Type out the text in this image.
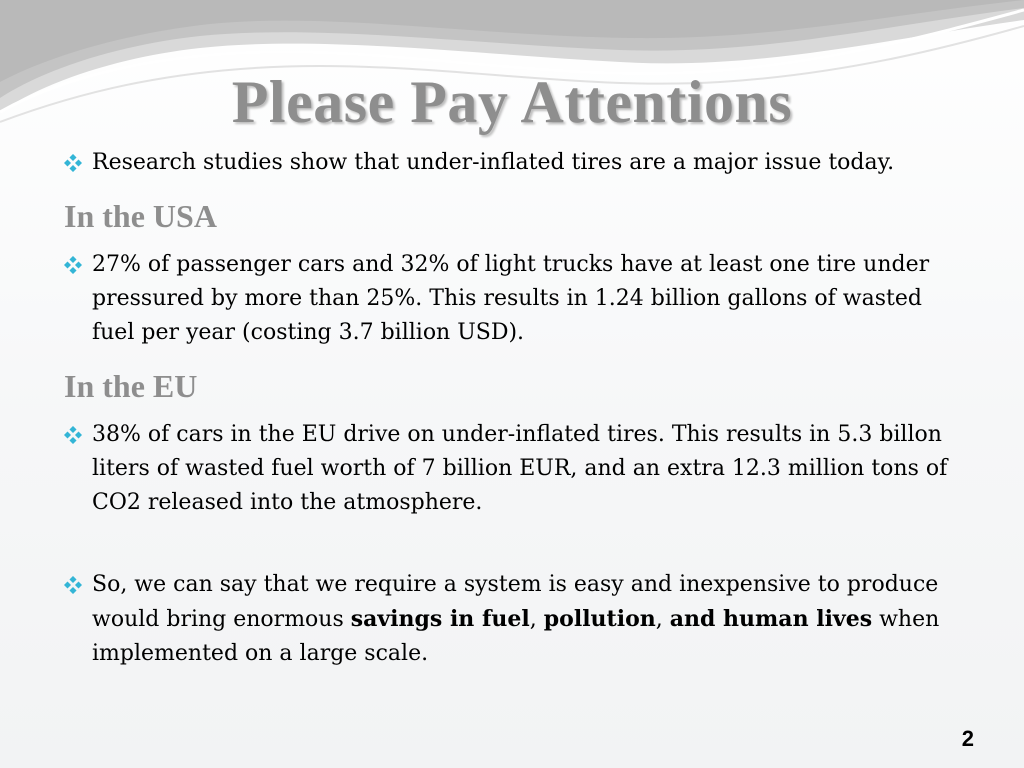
Please Pay Attentions

Research studies show that under-inflated tires are a major issue today.

In the USA

27% of passenger cars and 32% of light trucks have at least one tire under pressured by more than 25%. This results in 1.24 billion gallons of wasted fuel per year (costing 3.7 billion USD).

In the EU

38% of cars in the EU drive on under-inflated tires. This results in 5.3 billon liters of wasted fuel worth of 7 billion EUR, and an extra 12.3 million tons of CO2 released into the atmosphere.

So, we can say that we require a system is easy and inexpensive to produce would bring enormous savings in fuel, pollution, and human lives when implemented on a large scale.

2
